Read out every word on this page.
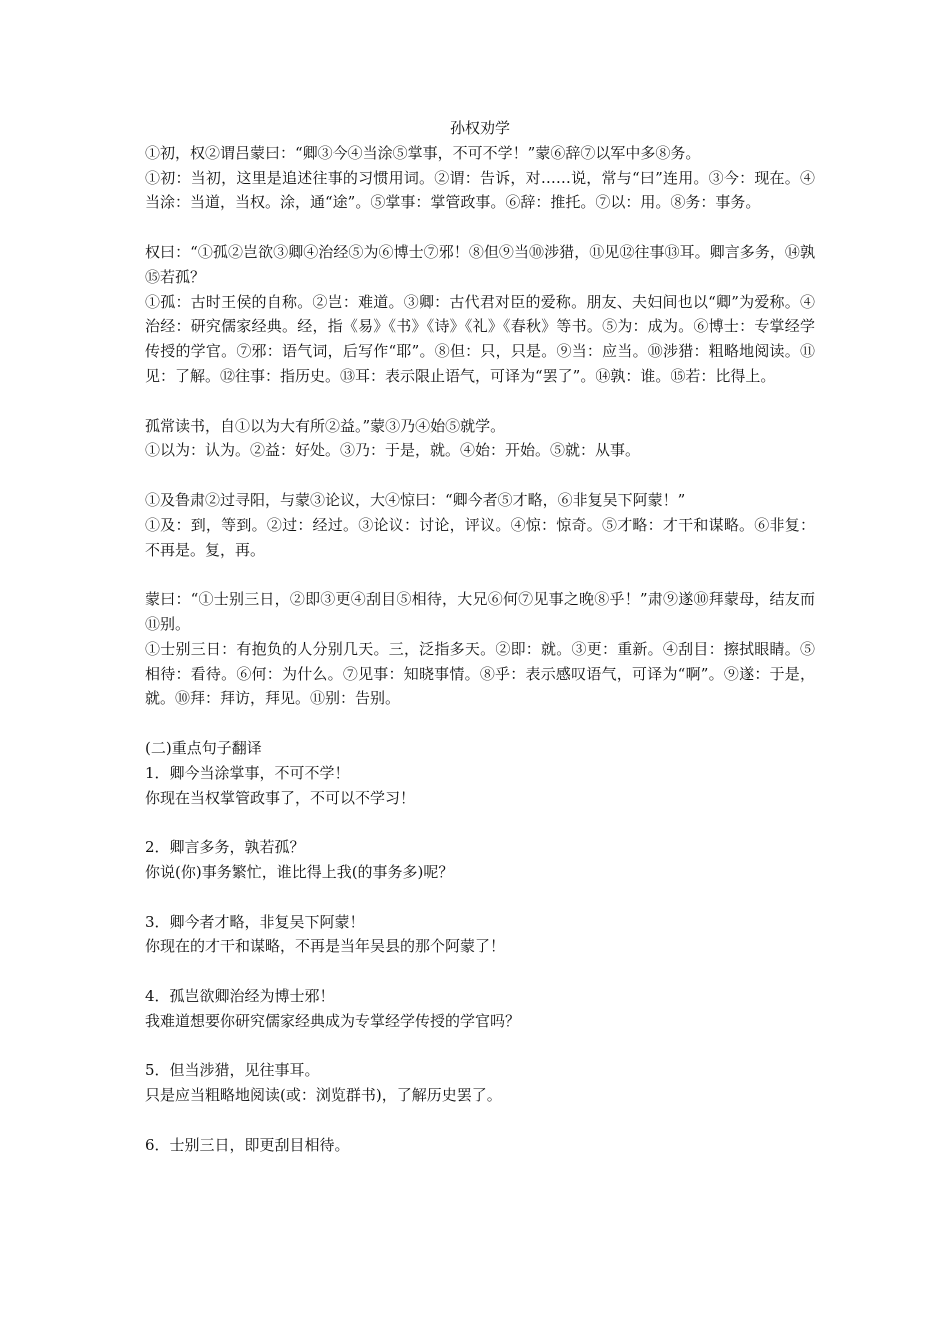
孙权劝学

①初，权②谓吕蒙曰：“卿③今④当涂⑤掌事，不可不学！”蒙⑥辞⑦以军中多⑧务。

①初：当初，这里是追述往事的习惯用词。②谓：告诉，对……说，常与“曰”连用。③今：现在。④当涂：当道，当权。涂，通“途”。⑤掌事：掌管政事。⑥辞：推托。⑦以：用。⑧务：事务。

权曰：“①孤②岂欲③卿④治经⑤为⑥博士⑦邪！⑧但⑨当⑩涉猎，⑪见⑫往事⑬耳。卿言多务，⑭孰⑮若孤？

①孤：古时王侯的自称。②岂：难道。③卿：古代君对臣的爱称。朋友、夫妇间也以“卿”为爱称。④治经：研究儒家经典。经，指《易》《书》《诗》《礼》《春秋》等书。⑤为：成为。⑥博士：专掌经学传授的学官。⑦邪：语气词，后写作“耶”。⑧但：只，只是。⑨当：应当。⑩涉猎：粗略地阅读。⑪见：了解。⑫往事：指历史。⑬耳：表示限止语气，可译为“罢了”。⑭孰：谁。⑮若：比得上。

孤常读书，自①以为大有所②益。”蒙③乃④始⑤就学。

①以为：认为。②益：好处。③乃：于是，就。④始：开始。⑤就：从事。

①及鲁肃②过寻阳，与蒙③论议，大④惊曰：“卿今者⑤才略，⑥非复吴下阿蒙！”

①及：到，等到。②过：经过。③论议：讨论，评议。④惊：惊奇。⑤才略：才干和谋略。⑥非复：不再是。复，再。

蒙曰：“①士别三日，②即③更④刮目⑤相待，大兄⑥何⑦见事之晚⑧乎！”肃⑨遂⑩拜蒙母，结友而⑪别。

①士别三日：有抱负的人分别几天。三，泛指多天。②即：就。③更：重新。④刮目：擦拭眼睛。⑤相待：看待。⑥何：为什么。⑦见事：知晓事情。⑧乎：表示感叹语气，可译为“啊”。⑨遂：于是，就。⑩拜：拜访，拜见。⑪别：告别。

(二)重点句子翻译

1．卿今当涂掌事，不可不学！

你现在当权掌管政事了，不可以不学习！

2．卿言多务，孰若孤？

你说(你)事务繁忙，谁比得上我(的事务多)呢？

3．卿今者才略，非复吴下阿蒙！

你现在的才干和谋略，不再是当年吴县的那个阿蒙了！

4．孤岂欲卿治经为博士邪！

我难道想要你研究儒家经典成为专掌经学传授的学官吗？

5．但当涉猎，见往事耳。

只是应当粗略地阅读(或：浏览群书)，了解历史罢了。

6．士别三日，即更刮目相待。
